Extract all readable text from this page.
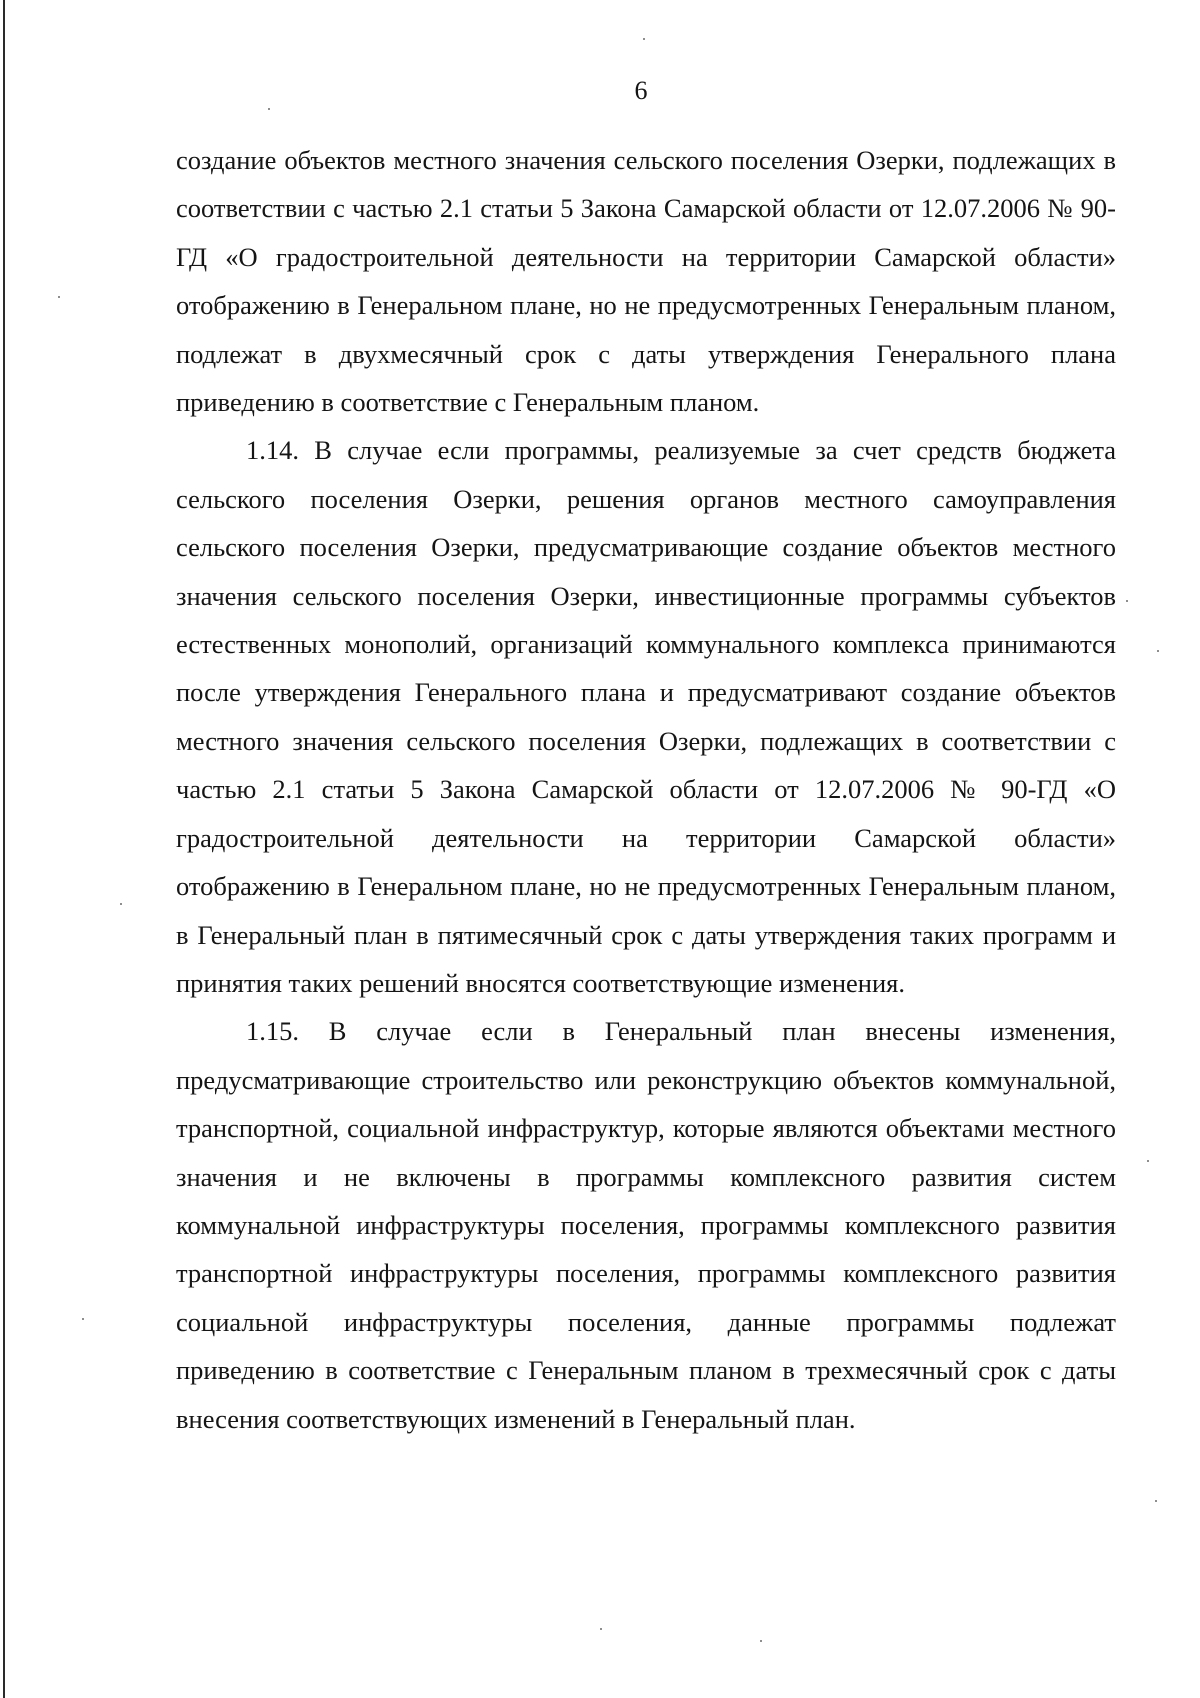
6

создание объектов местного значения сельского поселения Озерки, подлежащих в соответствии с частью 2.1 статьи 5 Закона Самарской области от 12.07.2006 № 90-ГД «О градостроительной деятельности на территории Самарской области» отображению в Генеральном плане, но не предусмотренных Генеральным планом, подлежат в двухмесячный срок с даты утверждения Генерального плана приведению в соответствие с Генеральным планом.

1.14. В случае если программы, реализуемые за счет средств бюджета сельского поселения Озерки, решения органов местного самоуправления сельского поселения Озерки, предусматривающие создание объектов местного значения сельского поселения Озерки, инвестиционные программы субъектов естественных монополий, организаций коммунального комплекса принимаются после утверждения Генерального плана и предусматривают создание объектов местного значения сельского поселения Озерки, подлежащих в соответствии с частью 2.1 статьи 5 Закона Самарской области от 12.07.2006 № 90-ГД «О градостроительной деятельности на территории Самарской области» отображению в Генеральном плане, но не предусмотренных Генеральным планом, в Генеральный план в пятимесячный срок с даты утверждения таких программ и принятия таких решений вносятся соответствующие изменения.

1.15. В случае если в Генеральный план внесены изменения, предусматривающие строительство или реконструкцию объектов коммунальной, транспортной, социальной инфраструктур, которые являются объектами местного значения и не включены в программы комплексного развития систем коммунальной инфраструктуры поселения, программы комплексного развития транспортной инфраструктуры поселения, программы комплексного развития социальной инфраструктуры поселения, данные программы подлежат приведению в соответствие с Генеральным планом в трехмесячный срок с даты внесения соответствующих изменений в Генеральный план.
